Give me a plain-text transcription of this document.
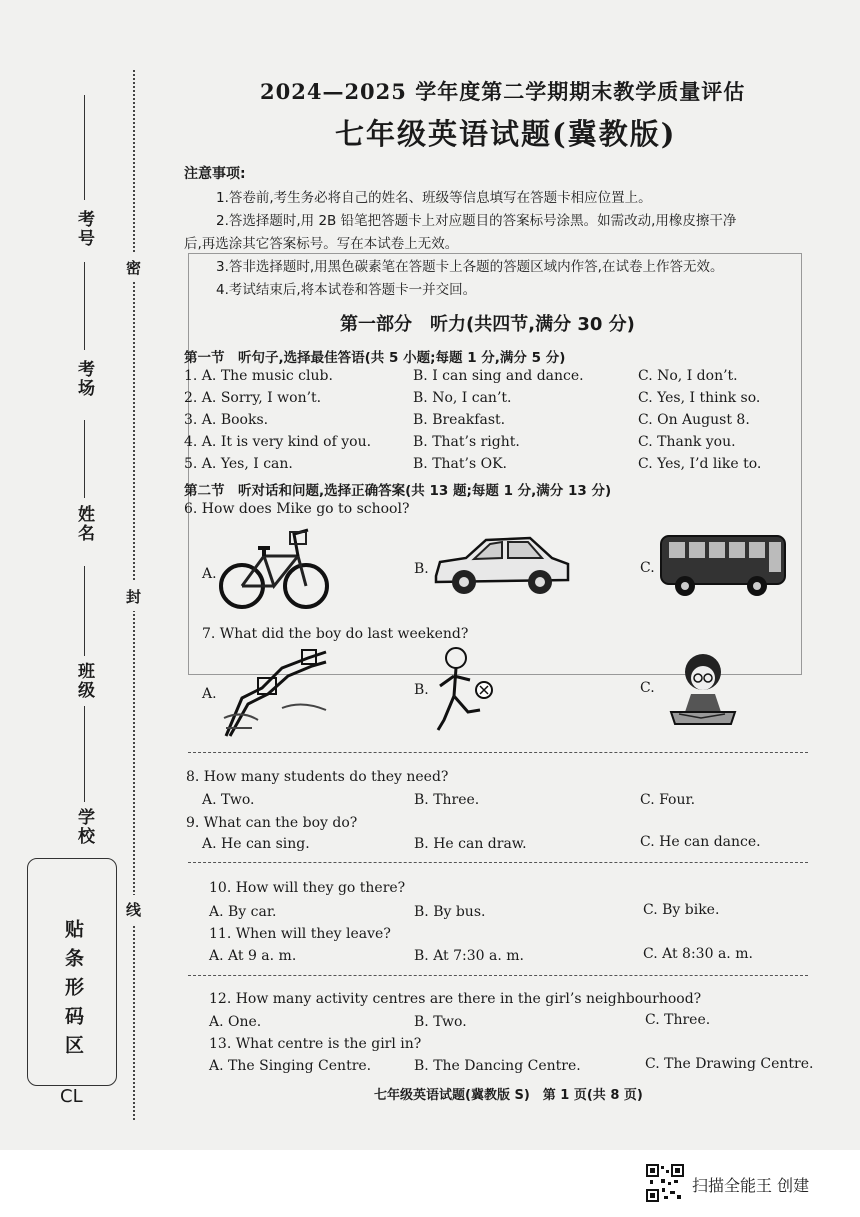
密
封
线
考号
考场
姓名
班级
学校
贴条形码区
CL
2024—2025 学年度第二学期期末教学质量评估
七年级英语试题(冀教版)
注意事项:
1.答卷前,考生务必将自己的姓名、班级等信息填写在答题卡相应位置上。
2.答选择题时,用 2B 铅笔把答题卡上对应题目的答案标号涂黑。如需改动,用橡皮擦干净
后,再选涂其它答案标号。写在本试卷上无效。
3.答非选择题时,用黑色碳素笔在答题卡上各题的答题区域内作答,在试卷上作答无效。
4.考试结束后,将本试卷和答题卡一并交回。
第一部分　听力(共四节,满分 30 分)
第一节　听句子,选择最佳答语(共 5 小题;每题 1 分,满分 5 分)
1. A. The music club.	B. I can sing and dance.	C. No, I don’t.
2. A. Sorry, I won’t.	B. No, I can’t.	C. Yes, I think so.
3. A. Books.	B. Breakfast.	C. On August 8.
4. A. It is very kind of you.	B. That’s right.	C. Thank you.
5. A. Yes, I can.	B. That’s OK.	C. Yes, I’d like to.
第二节　听对话和问题,选择正确答案(共 13 题;每题 1 分,满分 13 分)
6. How does Mike go to school?
A.	B.	C.
7. What did the boy do last weekend?
A.	B.	C.
8. How many students do they need?
A. Two.	B. Three.	C. Four.
9. What can the boy do?
A. He can sing.	B. He can draw.	C. He can dance.
10. How will they go there?
A. By car.	B. By bus.	C. By bike.
11. When will they leave?
A. At 9 a. m.	B. At 7:30 a. m.	C. At 8:30 a. m.
12. How many activity centres are there in the girl’s neighbourhood?
A. One.	B. Two.	C. Three.
13. What centre is the girl in?
A. The Singing Centre.	B. The Dancing Centre.	C. The Drawing Centre.
七年级英语试题(冀教版 S)　第 1 页(共 8 页)
扫描全能王 创建
